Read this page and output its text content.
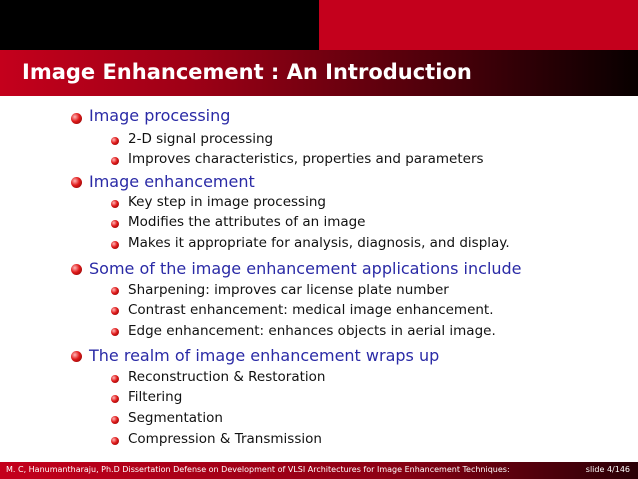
Image Enhancement : An Introduction
Image processing
2-D signal processing
Improves characteristics, properties and parameters
Image enhancement
Key step in image processing
Modifies the attributes of an image
Makes it appropriate for analysis, diagnosis, and display.
Some of the image enhancement applications include
Sharpening: improves car license plate number
Contrast enhancement: medical image enhancement.
Edge enhancement: enhances objects in aerial image.
The realm of image enhancement wraps up
Reconstruction & Restoration
Filtering
Segmentation
Compression & Transmission
M. C, Hanumantharaju, Ph.D Dissertation Defense on Development of VLSI Architectures for Image Enhancement Techniques:	slide 4/146
